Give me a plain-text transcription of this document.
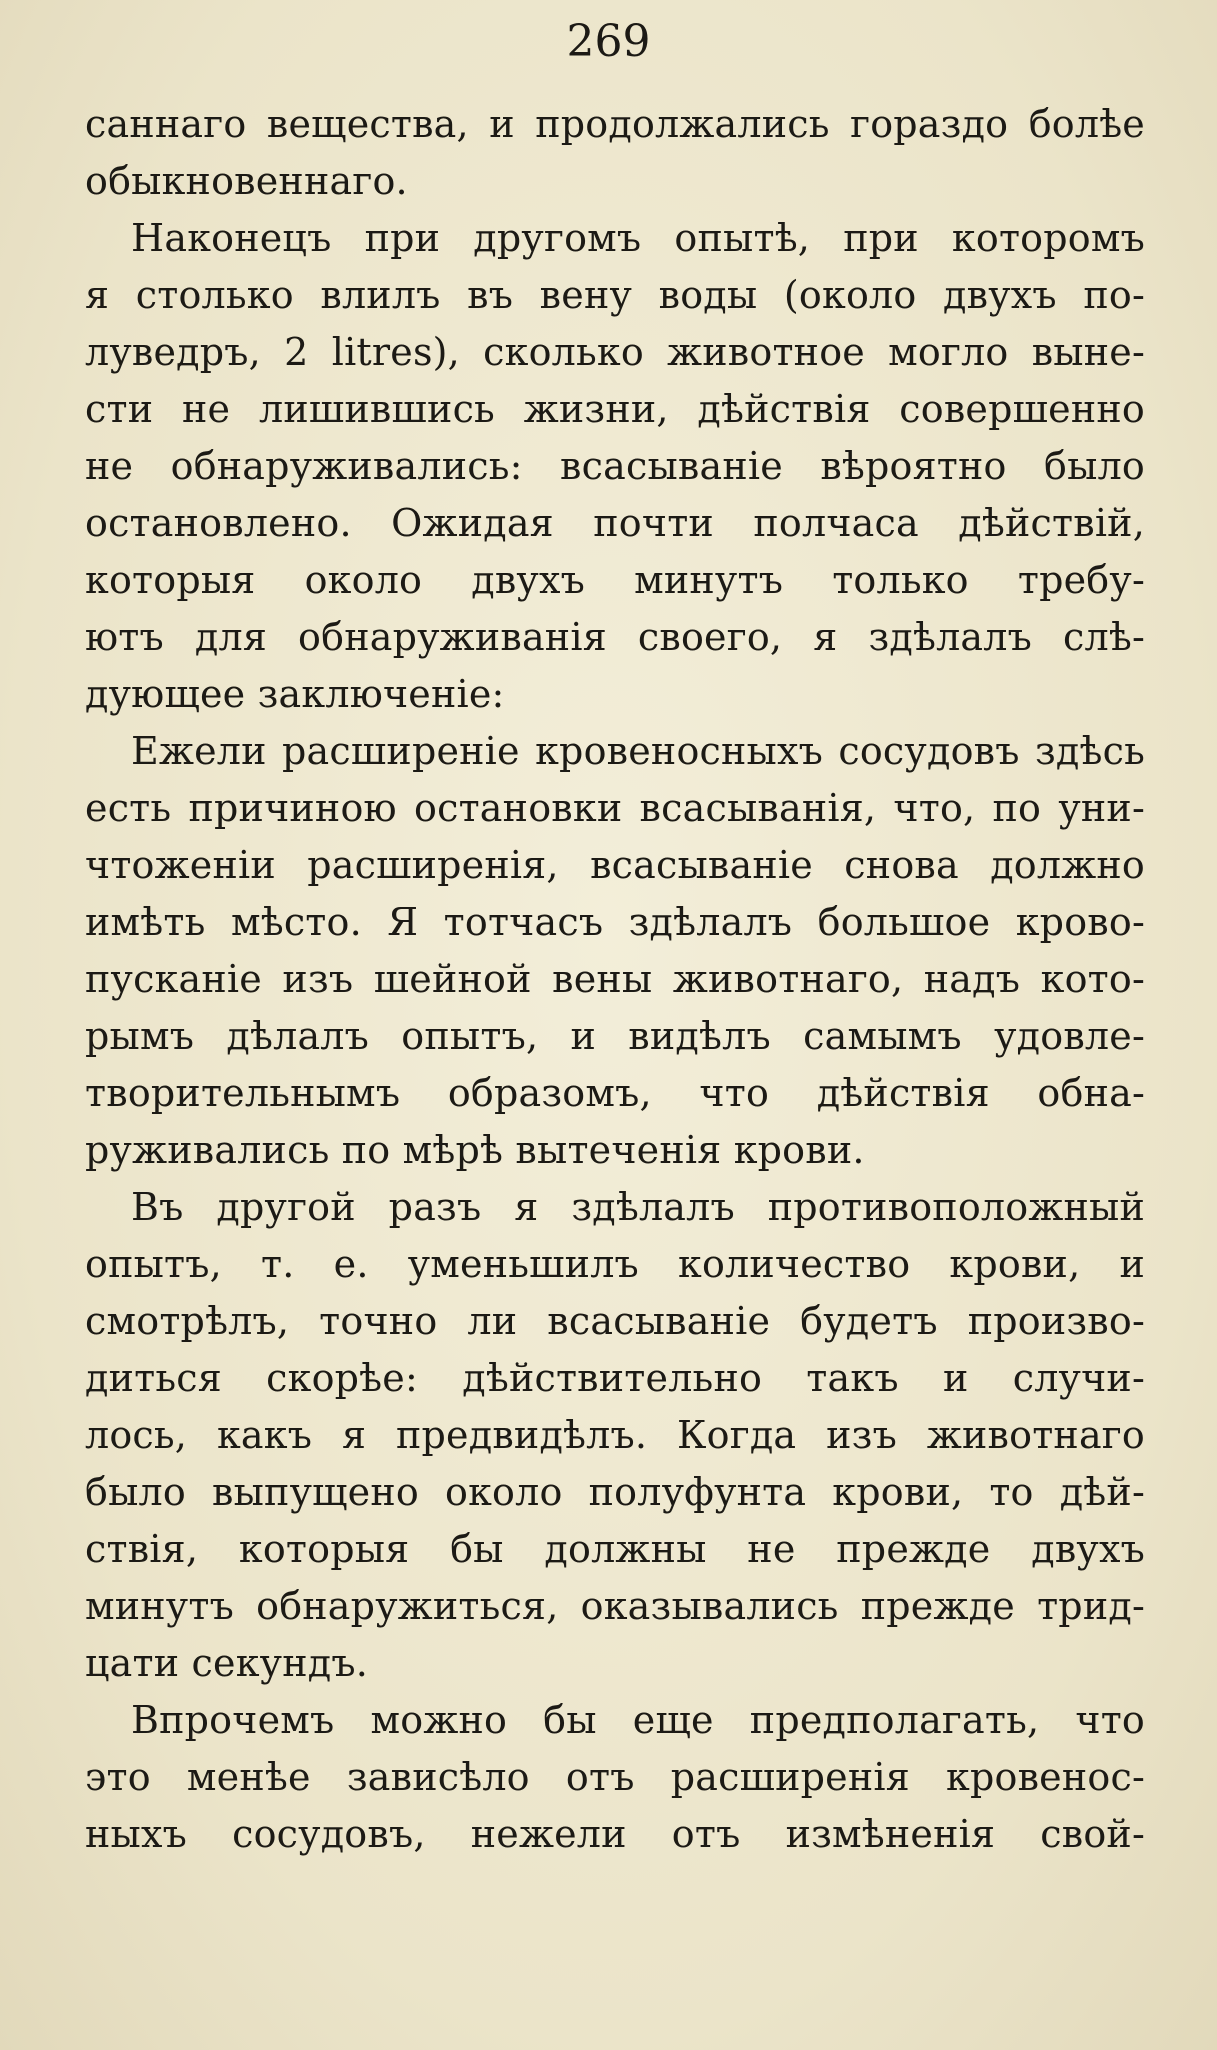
269
саннаго вещества, и продолжались гораздо болѣе
обыкновеннаго.
Наконецъ при другомъ опытѣ, при которомъ
я столько влилъ въ вену воды (около двухъ по-
луведръ, 2 litres), сколько животное могло выне-
сти не лишившись жизни, дѣйствія совершенно
не обнаруживались: всасываніе вѣроятно было
остановлено. Ожидая почти полчаса дѣйствій,
которыя около двухъ минутъ только требу-
ютъ для обнаруживанія своего, я здѣлалъ слѣ-
дующее заключеніе:
Ежели расширеніе кровеносныхъ сосудовъ здѣсь
есть причиною остановки всасыванія, что, по уни-
чтоженіи расширенія, всасываніе снова должно
имѣть мѣсто. Я тотчасъ здѣлалъ большое крово-
пусканіе изъ шейной вены животнаго, надъ кото-
рымъ дѣлалъ опытъ, и видѣлъ самымъ удовле-
творительнымъ образомъ, что дѣйствія обна-
руживались по мѣрѣ вытеченія крови.
Въ другой разъ я здѣлалъ противоположный
опытъ, т. е. уменьшилъ количество крови, и
смотрѣлъ, точно ли всасываніе будетъ произво-
диться скорѣе: дѣйствительно такъ и случи-
лось, какъ я предвидѣлъ. Когда изъ животнаго
было выпущено около полуфунта крови, то дѣй-
ствія, которыя бы должны не прежде двухъ
минутъ обнаружиться, оказывались прежде трид-
цати секундъ.
Впрочемъ можно бы еще предполагать, что
это менѣе зависѣло отъ расширенія кровенос-
ныхъ сосудовъ, нежели отъ измѣненія свой-
